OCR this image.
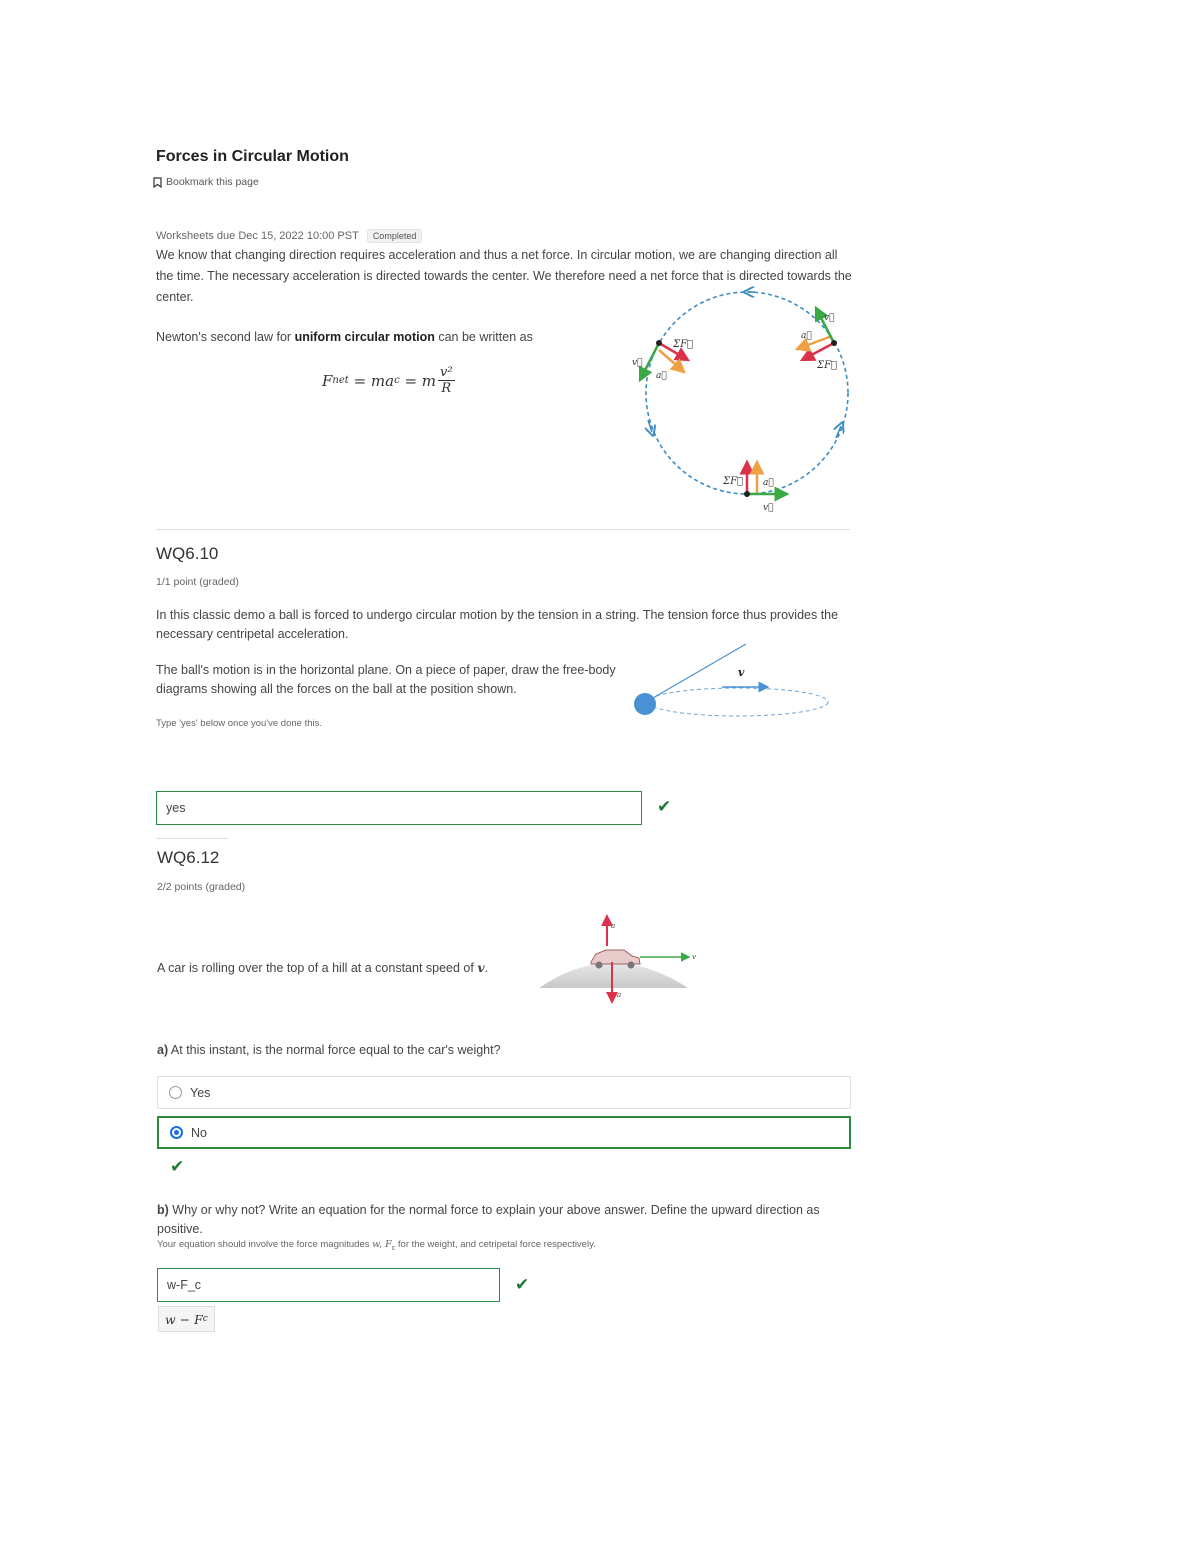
Forces in Circular Motion
Bookmark this page
Worksheets due Dec 15, 2022 10:00 PST	Completed
We know that changing direction requires acceleration and thus a net force. In circular motion, we are changing direction all the time. The necessary acceleration is directed towards the center. We therefore need a net force that is directed towards the center.
Newton's second law for uniform circular motion can be written as
F net = ma c = m $\frac{\text{v²}}{R}$
ΣF⃗
a⃗
v⃗	ΣF⃗
a⃗
v⃗
ΣF⃗ a⃗
v⃗
WQ6.10
1/1 point (graded)
In this classic demo a ball is forced to undergo circular motion by the tension in a string. The tension force thus provides the necessary centripetal acceleration.
The ball's motion is in the horizontal plane. On a piece of paper, draw the free-body diagrams showing all the forces on the ball at the position shown.
Type 'yes' below once you've done this.
v
yes
✔
WQ6.12
2/2 points (graded)
A car is rolling over the top of a hill at a constant speed of v.
a
a
v
a) At this instant, is the normal force equal to the car's weight?
Yes
No
✔
b) Why or why not? Write an equation for the normal force to explain your above answer. Define the upward direction as positive.
Your equation should involve the force magnitudes w, $F_c$ for the weight, and cetripetal force respectively.
w-F_c
✔
w − F c
